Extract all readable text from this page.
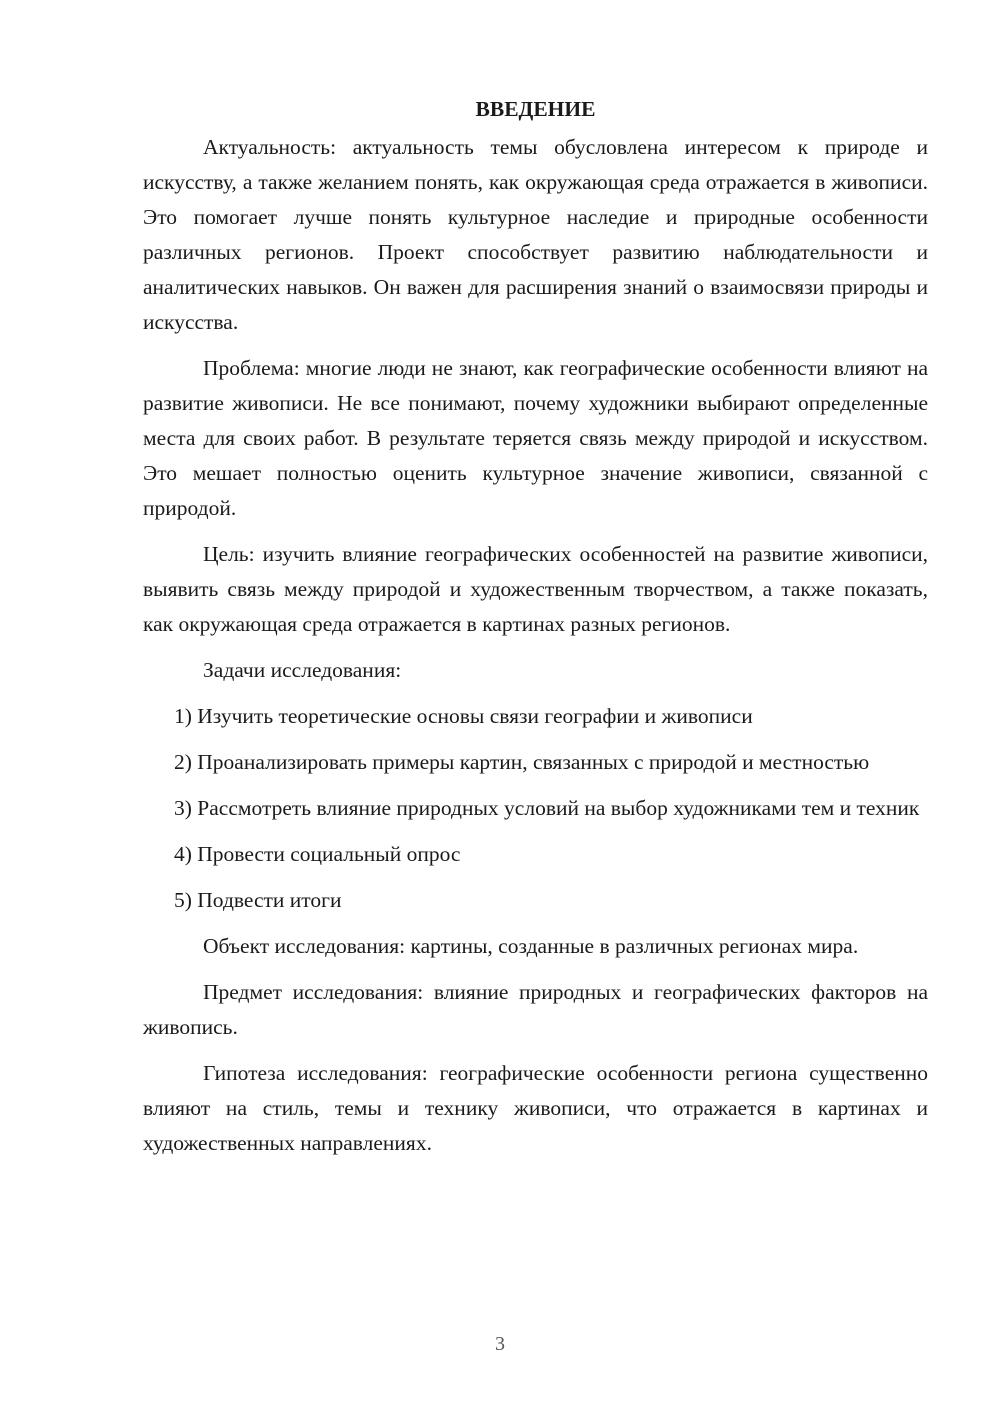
ВВЕДЕНИЕ

Актуальность: актуальность темы обусловлена интересом к природе и искусству, а также желанием понять, как окружающая среда отражается в живописи. Это помогает лучше понять культурное наследие и природные особенности различных регионов. Проект способствует развитию наблюдательности и аналитических навыков. Он важен для расширения знаний о взаимосвязи природы и искусства.

Проблема: многие люди не знают, как географические особенности влияют на развитие живописи. Не все понимают, почему художники выбирают определенные места для своих работ. В результате теряется связь между природой и искусством. Это мешает полностью оценить культурное значение живописи, связанной с природой.

Цель: изучить влияние географических особенностей на развитие живописи, выявить связь между природой и художественным творчеством, а также показать, как окружающая среда отражается в картинах разных регионов.

Задачи исследования:

1) Изучить теоретические основы связи географии и живописи

2) Проанализировать примеры картин, связанных с природой и местностью

3) Рассмотреть влияние природных условий на выбор художниками тем и техник

4) Провести социальный опрос

5) Подвести итоги

Объект исследования: картины, созданные в различных регионах мира.

Предмет исследования: влияние природных и географических факторов на живопись.

Гипотеза исследования: географические особенности региона существенно влияют на стиль, темы и технику живописи, что отражается в картинах и художественных направлениях.

3
